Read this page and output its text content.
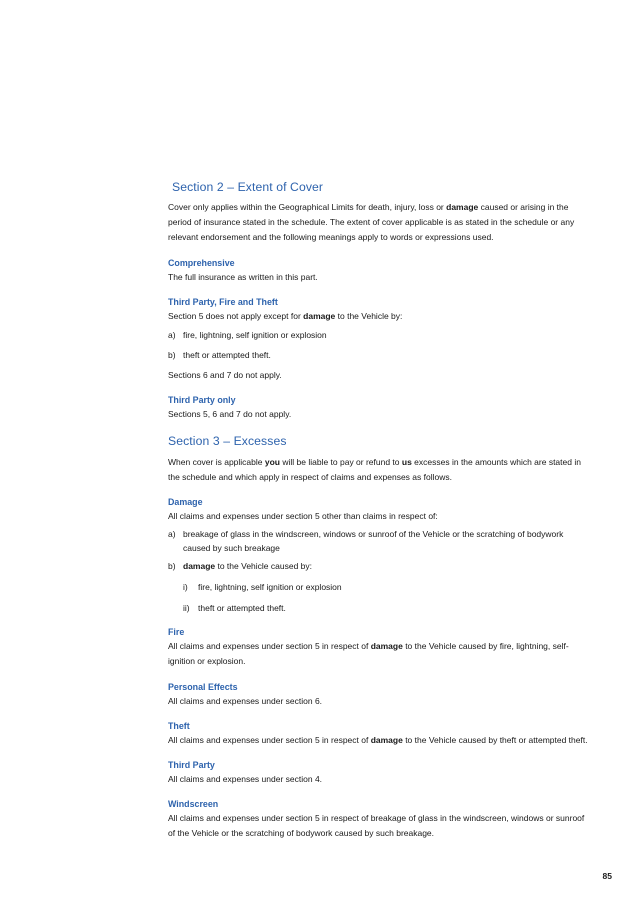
Section 2 – Extent of Cover

Cover only applies within the Geographical Limits for death, injury, loss or damage caused or arising in the period of insurance stated in the schedule. The extent of cover applicable is as stated in the schedule or any relevant endorsement and the following meanings apply to words or expressions used.

Comprehensive

The full insurance as written in this part.

Third Party, Fire and Theft

Section 5 does not apply except for damage to the Vehicle by:

a) fire, lightning, self ignition or explosion
b) theft or attempted theft.

Sections 6 and 7 do not apply.

Third Party only

Sections 5, 6 and 7 do not apply.

Section 3 – Excesses

When cover is applicable you will be liable to pay or refund to us excesses in the amounts which are stated in the schedule and which apply in respect of claims and expenses as follows.

Damage

All claims and expenses under section 5 other than claims in respect of:

a) breakage of glass in the windscreen, windows or sunroof of the Vehicle or the scratching of bodywork caused by such breakage
b) damage to the Vehicle caused by:
i)	fire, lightning, self ignition or explosion
ii) theft or attempted theft.
Fire

All claims and expenses under section 5 in respect of damage to the Vehicle caused by fire, lightning, self-ignition or explosion.

Personal Effects

All claims and expenses under section 6.

Theft

All claims and expenses under section 5 in respect of damage to the Vehicle caused by theft or attempted theft.

Third Party

All claims and expenses under section 4.

Windscreen

All claims and expenses under section 5 in respect of breakage of glass in the windscreen, windows or sunroof of the Vehicle or the scratching of bodywork caused by such breakage.

85
